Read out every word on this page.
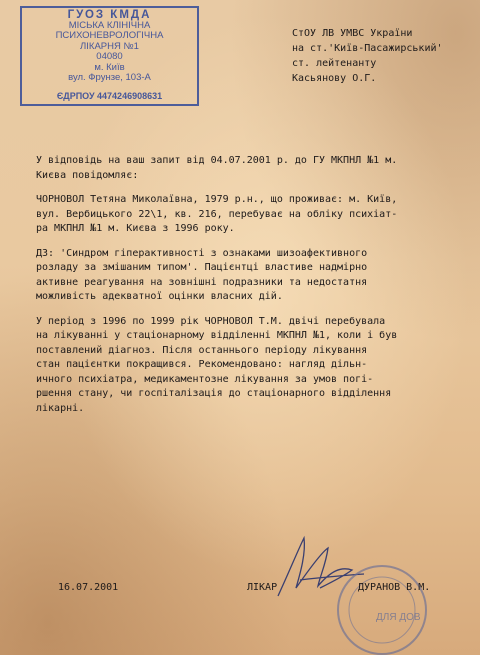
ГУОЗ КМДА
МІСЬКА КЛІНІЧНА
ПСИХОНЕВРОЛОГІЧНА
ЛІКАРНЯ №1
04080
м. Київ
вул. Фрунзе, 103-А
ЄДРПОУ 4474246908631
СтОУ ЛВ УМВС України
на ст.'Київ-Пасажирський'
ст. лейтенанту
Касьянову О.Г.

У відповідь на ваш запит від 04.07.2001 р. до ГУ МКПНЛ №1 м.
Києва повідомляє:

ЧОРНОВОЛ Тетяна Миколаївна, 1979 р.н., що проживає: м. Київ,
вул. Вербицького 22\1, кв. 216, перебуває на обліку психіат-
ра МКПНЛ №1 м. Києва з 1996 року.

ДЗ: 'Синдром гіперактивності з ознаками шизоафективного
розладу за змішаним типом'. Пацієнтці властиве надмірно
активне реагування на зовнішні подразники та недостатня
можливість адекватної оцінки власних дій.

У період з 1996 по 1999 рік ЧОРНОВОЛ Т.М. двічі перебувала
на лікуванні у стаціонарному відділенні МКПНЛ №1, коли і був
поставлений діагноз. Після останнього періоду лікування
стан пацієнтки покращився. Рекомендовано: нагляд дільн-
ичного психіатра, медикаментозне лікування за умов погі-
ршення стану, чи госпіталізація до стаціонарного відділення
лікарні.

ДЛЯ ДОВ
16.07.2001	ЛІКАР	ДУРАНОВ В.М.
